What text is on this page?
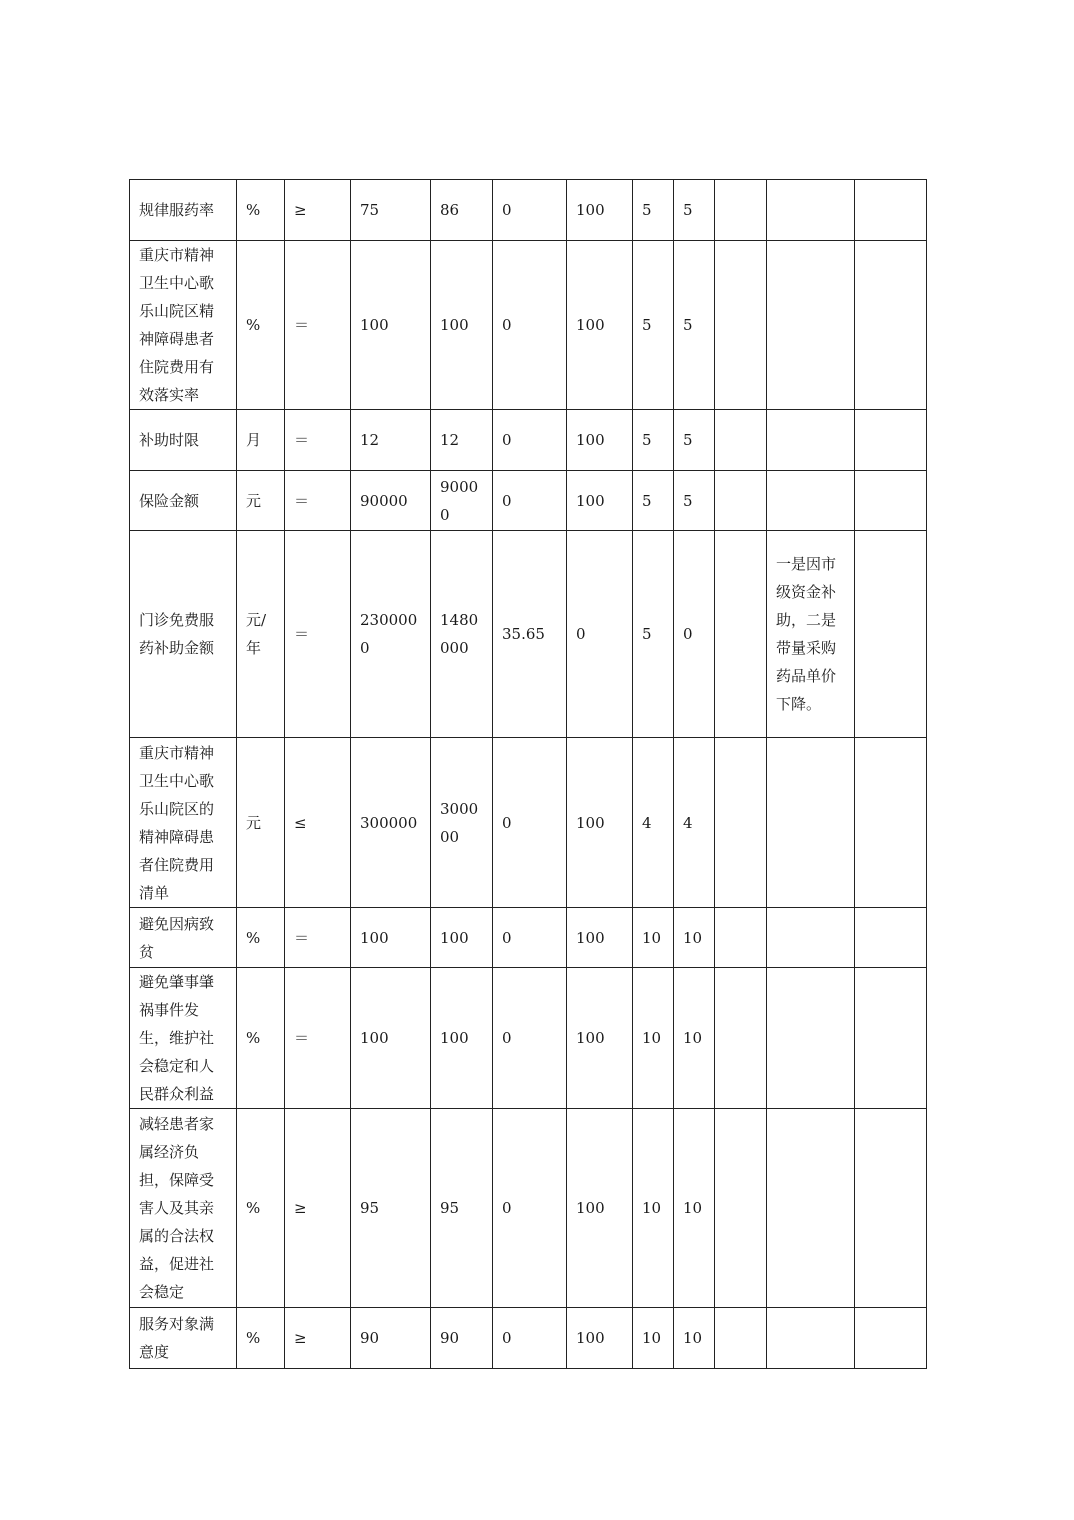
规律服药率	%	≥	75	86	0	100	5	5			
重庆市精神卫生中心歌乐山院区精神障碍患者住院费用有效落实率	%	＝	100	100	0	100	5	5			
补助时限	月	＝	12	12	0	100	5	5			
保险金额	元	＝	90000	90000	0	100	5	5			
门诊免费服药补助金额	元/年	＝	2300000	1480000	35.65	0	5	0		一是因市级资金补助，二是带量采购药品单价下降。	
重庆市精神卫生中心歌乐山院区的精神障碍患者住院费用清单	元	≤	300000	300000	0	100	4	4			
避免因病致贫	%	＝	100	100	0	100	10	10			
避免肇事肇祸事件发生，维护社会稳定和人民群众利益	%	＝	100	100	0	100	10	10			
减轻患者家属经济负担，保障受害人及其亲属的合法权益，促进社会稳定	%	≥	95	95	0	100	10	10			
服务对象满意度	%	≥	90	90	0	100	10	10			
